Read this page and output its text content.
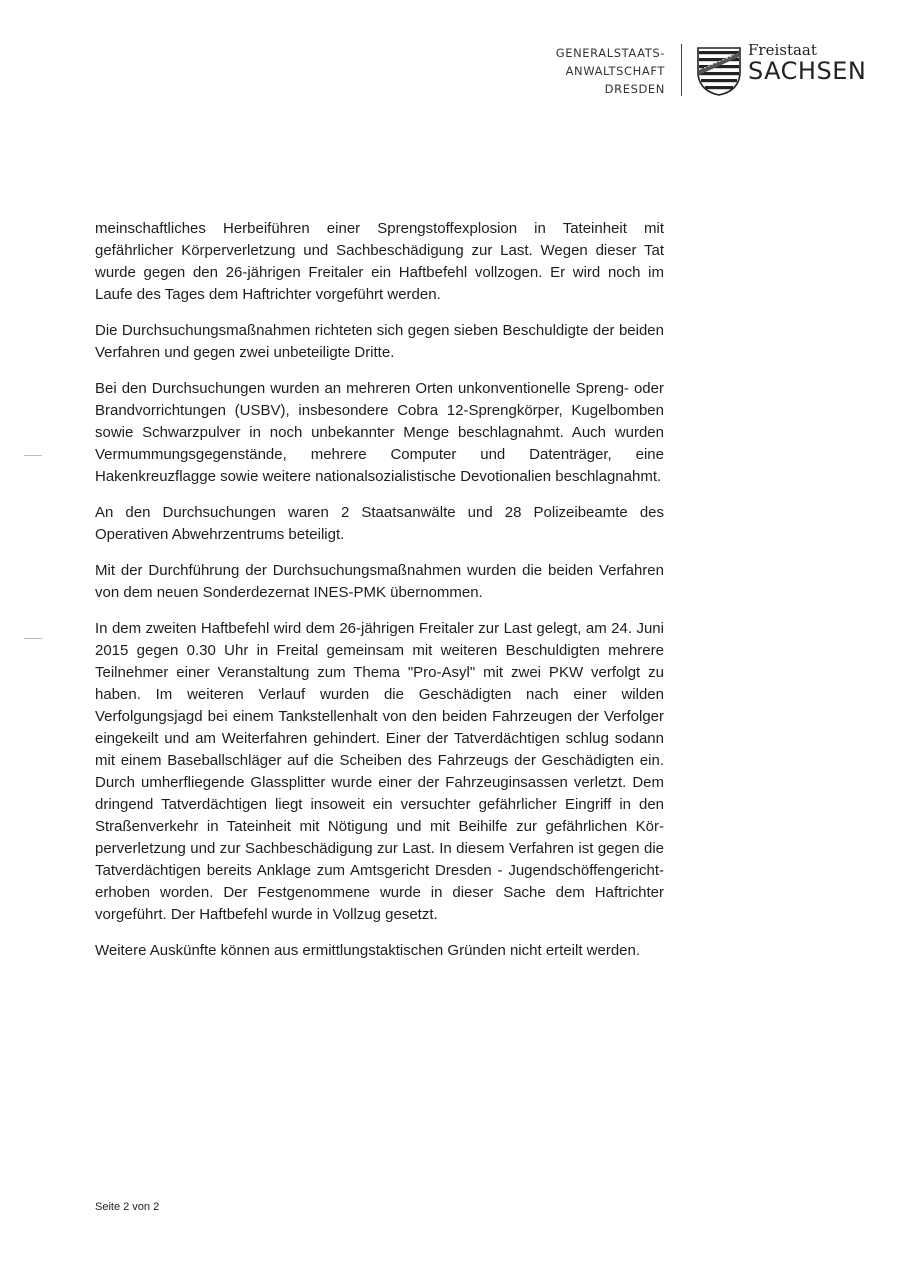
GENERALSTAATS-
ANWALTSCHAFT
DRESDEN
Freistaat
SACHSEN

meinschaftliches Herbeiführen einer Sprengstoffexplosion in Tateinheit mit gefährlicher Körperverletzung und Sachbeschädigung zur Last. Wegen dieser Tat wurde gegen den 26-jährigen Freitaler ein Haftbefehl vollzogen. Er wird noch im Laufe des Tages dem Haftrichter vorgeführt werden.

Die Durchsuchungsmaßnahmen richteten sich gegen sieben Beschuldigte der beiden Verfahren und gegen zwei unbeteiligte Dritte.

Bei den Durchsuchungen wurden an mehreren Orten unkonventionelle Spreng- oder Brandvorrichtungen (USBV), insbesondere Cobra 12-Sprengkörper, Kugelbomben sowie Schwarzpulver in noch unbekannter Menge beschlagnahmt. Auch wurden Vermummungsgegenstände, mehrere Computer und Datenträger, eine Hakenkreuzflagge sowie weitere nationalsozialistische Devotionalien beschlagnahmt.

An den Durchsuchungen waren 2 Staatsanwälte und 28 Polizeibeamte des Operativen Abwehrzentrums beteiligt.

Mit der Durchführung der Durchsuchungsmaßnahmen wurden die beiden Verfahren von dem neuen Sonderdezernat INES-PMK übernommen.

In dem zweiten Haftbefehl wird dem 26-jährigen Freitaler zur Last gelegt, am 24. Juni 2015 gegen 0.30 Uhr in Freital gemeinsam mit weiteren Beschuldigten mehrere Teilnehmer einer Veranstaltung zum Thema "Pro-Asyl" mit zwei PKW verfolgt zu haben. Im weiteren Verlauf wurden die Geschädigten nach einer wilden Verfolgungsjagd bei einem Tankstellenhalt von den beiden Fahrzeugen der Verfolger eingekeilt und am Weiterfahren gehindert. Einer der Tatverdächtigen schlug sodann mit einem Baseballschläger auf die Scheiben des Fahrzeugs der Geschädigten ein. Durch umherfliegende Glassplitter wurde einer der Fahrzeuginsassen verletzt. Dem dringend Tatverdächtigen liegt insoweit ein versuchter gefährlicher Eingriff in den Straßenverkehr in Tateinheit mit Nötigung und mit Beihilfe zur gefährlichen Körperverletzung und zur Sachbeschädigung zur Last. In diesem Verfahren ist gegen die Tatverdächtigen bereits Anklage zum Amtsgericht Dresden - Jugendschöffengericht- erhoben worden. Der Festgenommene wurde in dieser Sache dem Haftrichter vorgeführt. Der Haftbefehl wurde in Vollzug gesetzt.

Weitere Auskünfte können aus ermittlungstaktischen Gründen nicht erteilt werden.

Seite 2 von 2
